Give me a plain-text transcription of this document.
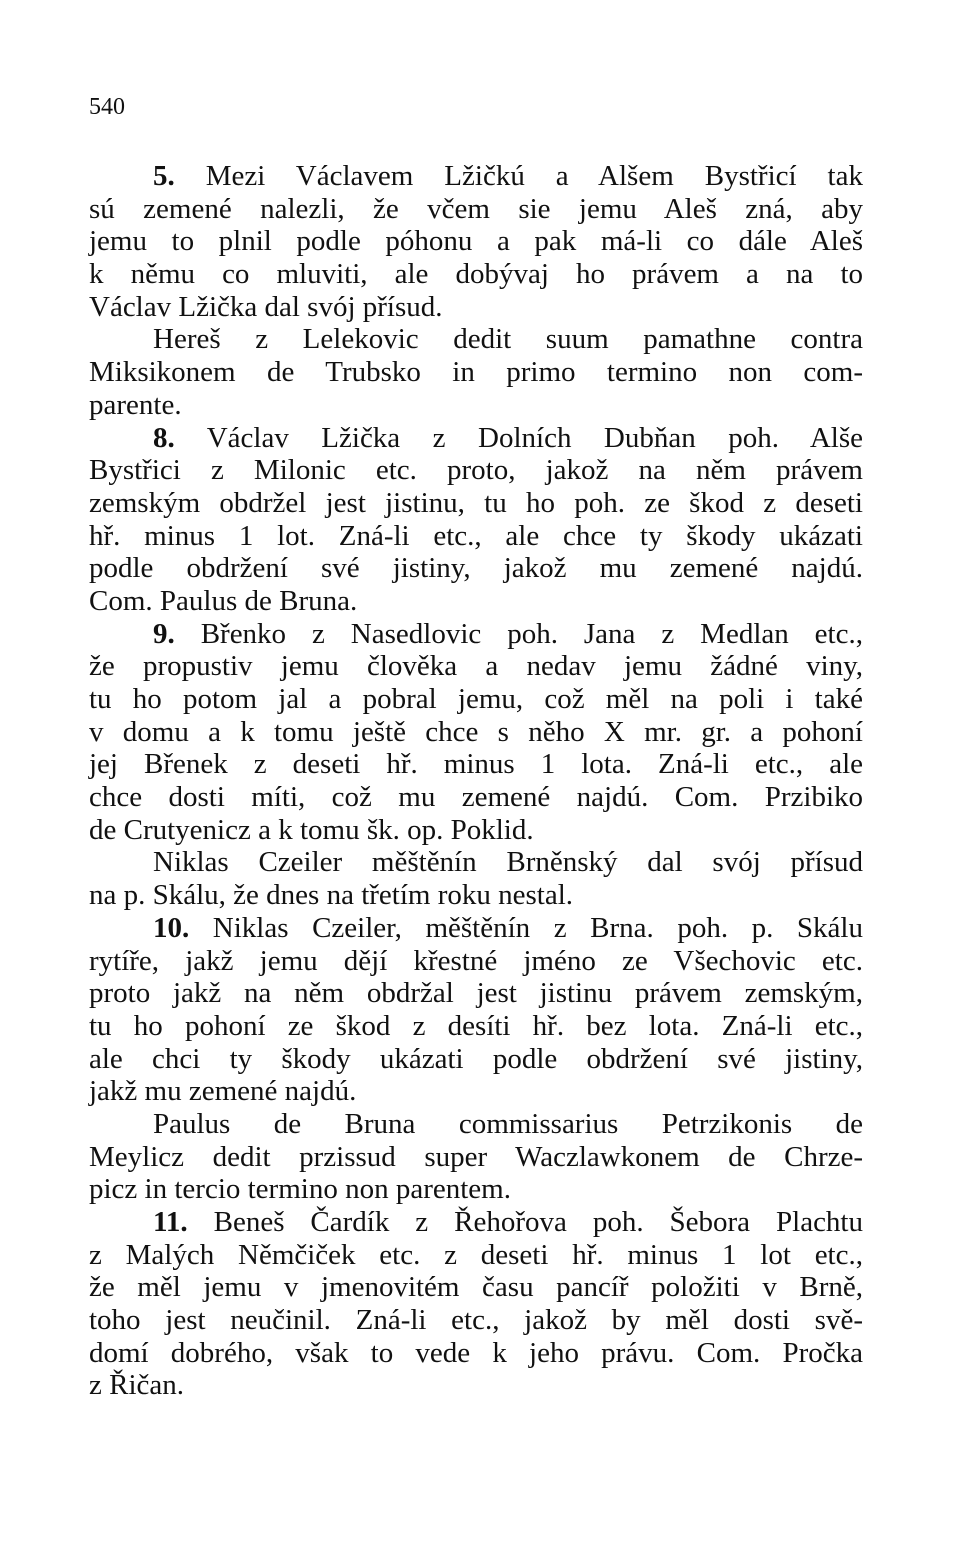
540
5. Mezi Václavem Lžičkú a Alšem Bystřicí tak
sú zemené nalezli, že včem sie jemu Aleš zná, aby
jemu to plnil podle póhonu a pak má-li co dále Aleš
k němu co mluviti, ale dobývaj ho právem a na to
Václav Lžička dal svój přísud.
Hereš z Lelekovic dedit suum pamathne contra
Miksikonem de Trubsko in primo termino non com-
parente.
8. Václav Lžička z Dolních Dubňan poh. Alše
Bystřici z Milonic etc. proto, jakož na něm právem
zemským obdržel jest jistinu, tu ho poh. ze škod z deseti
hř. minus 1 lot. Zná-li etc., ale chce ty škody ukázati
podle obdržení své jistiny, jakož mu zemené najdú.
Com. Paulus de Bruna.
9. Břenko z Nasedlovic poh. Jana z Medlan etc.,
že propustiv jemu člověka a nedav jemu žádné viny,
tu ho potom jal a pobral jemu, což měl na poli i také
v domu a k tomu ještě chce s něho X mr. gr. a pohoní
jej Břenek z deseti hř. minus 1 lota. Zná-li etc., ale
chce dosti míti, což mu zemené najdú. Com. Przibiko
de Crutyenicz a k tomu šk. op. Poklid.
Niklas Czeiler měštěnín Brněnský dal svój přísud
na p. Skálu, že dnes na třetím roku nestal.
10. Niklas Czeiler, měštěnín z Brna. poh. p. Skálu
rytíře, jakž jemu dějí křestné jméno ze Všechovic etc.
proto jakž na něm obdržal jest jistinu právem zemským,
tu ho pohoní ze škod z desíti hř. bez lota. Zná-li etc.,
ale chci ty škody ukázati podle obdržení své jistiny,
jakž mu zemené najdú.
Paulus de Bruna commissarius Petrzikonis de
Meylicz dedit przissud super Waczlawkonem de Chrze-
picz in tercio termino non parentem.
11. Beneš Čardík z Řehořova poh. Šebora Plachtu
z Malých Němčiček etc. z deseti hř. minus 1 lot etc.,
že měl jemu v jmenovitém času pancíř položiti v Brně,
toho jest neučinil. Zná-li etc., jakož by měl dosti svě-
domí dobrého, však to vede k jeho právu. Com. Pročka
z Řičan.
